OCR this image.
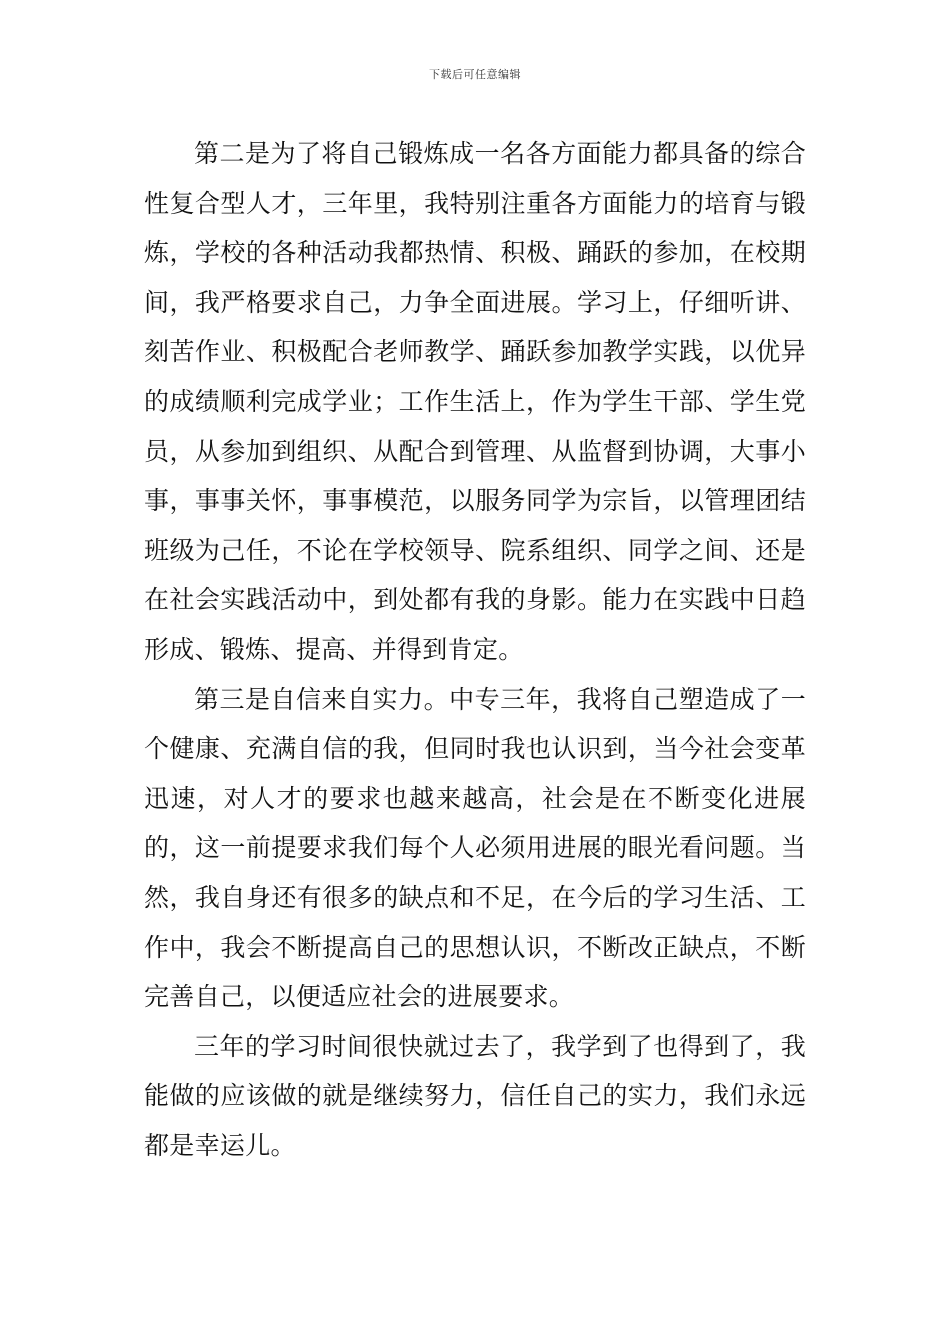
下载后可任意编辑

第二是为了将自己锻炼成一名各方面能力都具备的综合性复合型人才，三年里，我特别注重各方面能力的培育与锻炼，学校的各种活动我都热情、积极、踊跃的参加，在校期间，我严格要求自己，力争全面进展。学习上，仔细听讲、刻苦作业、积极配合老师教学、踊跃参加教学实践，以优异的成绩顺利完成学业；工作生活上，作为学生干部、学生党员，从参加到组织、从配合到管理、从监督到协调，大事小事，事事关怀，事事模范，以服务同学为宗旨，以管理团结班级为己任，不论在学校领导、院系组织、同学之间、还是在社会实践活动中，到处都有我的身影。能力在实践中日趋形成、锻炼、提高、并得到肯定。

第三是自信来自实力。中专三年，我将自己塑造成了一个健康、充满自信的我，但同时我也认识到，当今社会变革迅速，对人才的要求也越来越高，社会是在不断变化进展的，这一前提要求我们每个人必须用进展的眼光看问题。当然，我自身还有很多的缺点和不足，在今后的学习生活、工作中，我会不断提高自己的思想认识，不断改正缺点，不断完善自己，以便适应社会的进展要求。

三年的学习时间很快就过去了，我学到了也得到了，我能做的应该做的就是继续努力，信任自己的实力，我们永远都是幸运儿。
